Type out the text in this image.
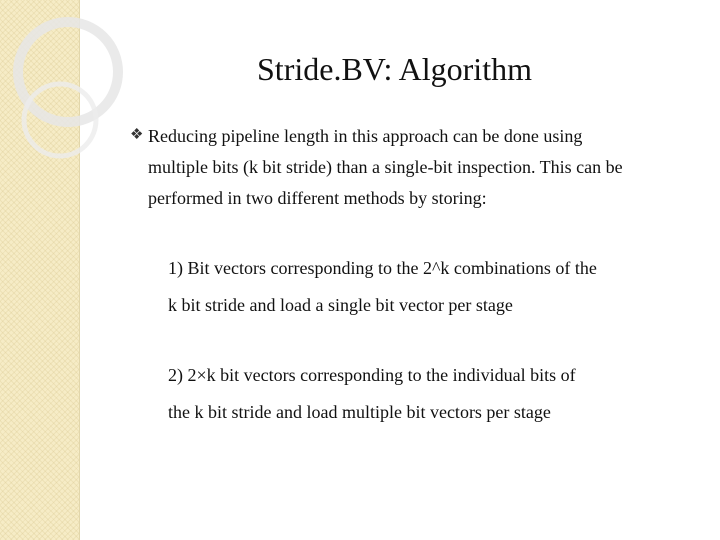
Stride.BV: Algorithm
❖ Reducing pipeline length in this approach can be done using
multiple bits (k bit stride) than a single-bit inspection. This can be
performed in two different methods by storing:
1) Bit vectors corresponding to the 2^k combinations of the
k bit stride and load a single bit vector per stage
2) 2×k bit vectors corresponding to the individual bits of
the k bit stride and load multiple bit vectors per stage
